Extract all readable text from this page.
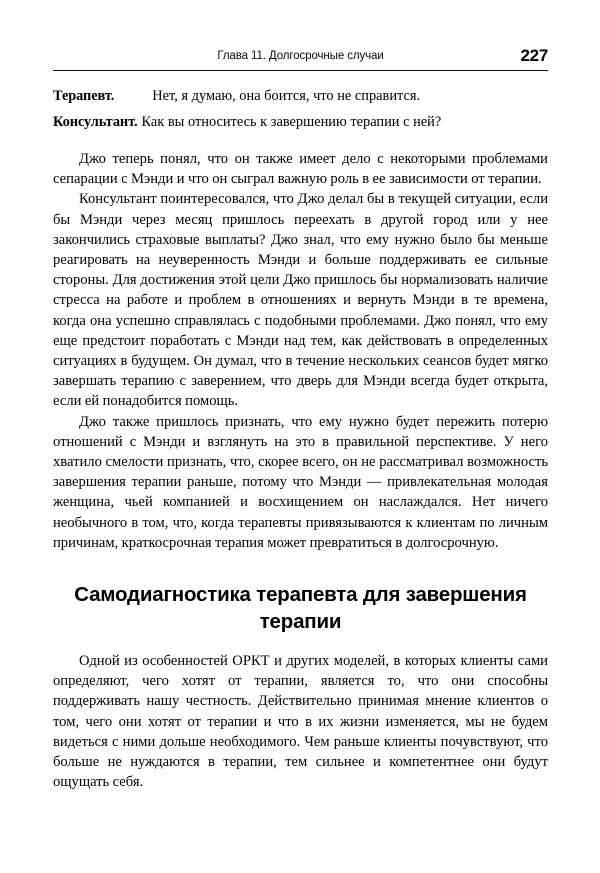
Глава 11. Долгосрочные случаи	227

Терапевт.	Нет, я думаю, она боится, что не справится.

Консультант. Как вы относитесь к завершению терапии с ней?

Джо теперь понял, что он также имеет дело с некоторыми проблемами сепарации с Мэнди и что он сыграл важную роль в ее зависимости от терапии.

Консультант поинтересовался, что Джо делал бы в текущей ситуации, если бы Мэнди через месяц пришлось переехать в другой город или у нее закончились страховые выплаты? Джо знал, что ему нужно было бы меньше реагировать на неуверенность Мэнди и больше поддерживать ее сильные стороны. Для достижения этой цели Джо пришлось бы нормализовать наличие стресса на работе и проблем в отношениях и вернуть Мэнди в те времена, когда она успешно справлялась с подобными проблемами. Джо понял, что ему еще предстоит поработать с Мэнди над тем, как действовать в определенных ситуациях в будущем. Он думал, что в течение нескольких сеансов будет мягко завершать терапию с заверением, что дверь для Мэнди всегда будет открыта, если ей понадобится помощь.

Джо также пришлось признать, что ему нужно будет пережить потерю отношений с Мэнди и взглянуть на это в правильной перспективе. У него хватило смелости признать, что, скорее всего, он не рассматривал возможность завершения терапии раньше, потому что Мэнди — привлекательная молодая женщина, чьей компанией и восхищением он наслаждался. Нет ничего необычного в том, что, когда терапевты привязываются к клиентам по личным причинам, краткосрочная терапия может превратиться в долгосрочную.

Самодиагностика терапевта для завершения терапии

Одной из особенностей ОРКТ и других моделей, в которых клиенты сами определяют, чего хотят от терапии, является то, что они способны поддерживать нашу честность. Действительно принимая мнение клиентов о том, чего они хотят от терапии и что в их жизни изменяется, мы не будем видеться с ними дольше необходимого. Чем раньше клиенты почувствуют, что больше не нуждаются в терапии, тем сильнее и компетентнее они будут ощущать себя.
